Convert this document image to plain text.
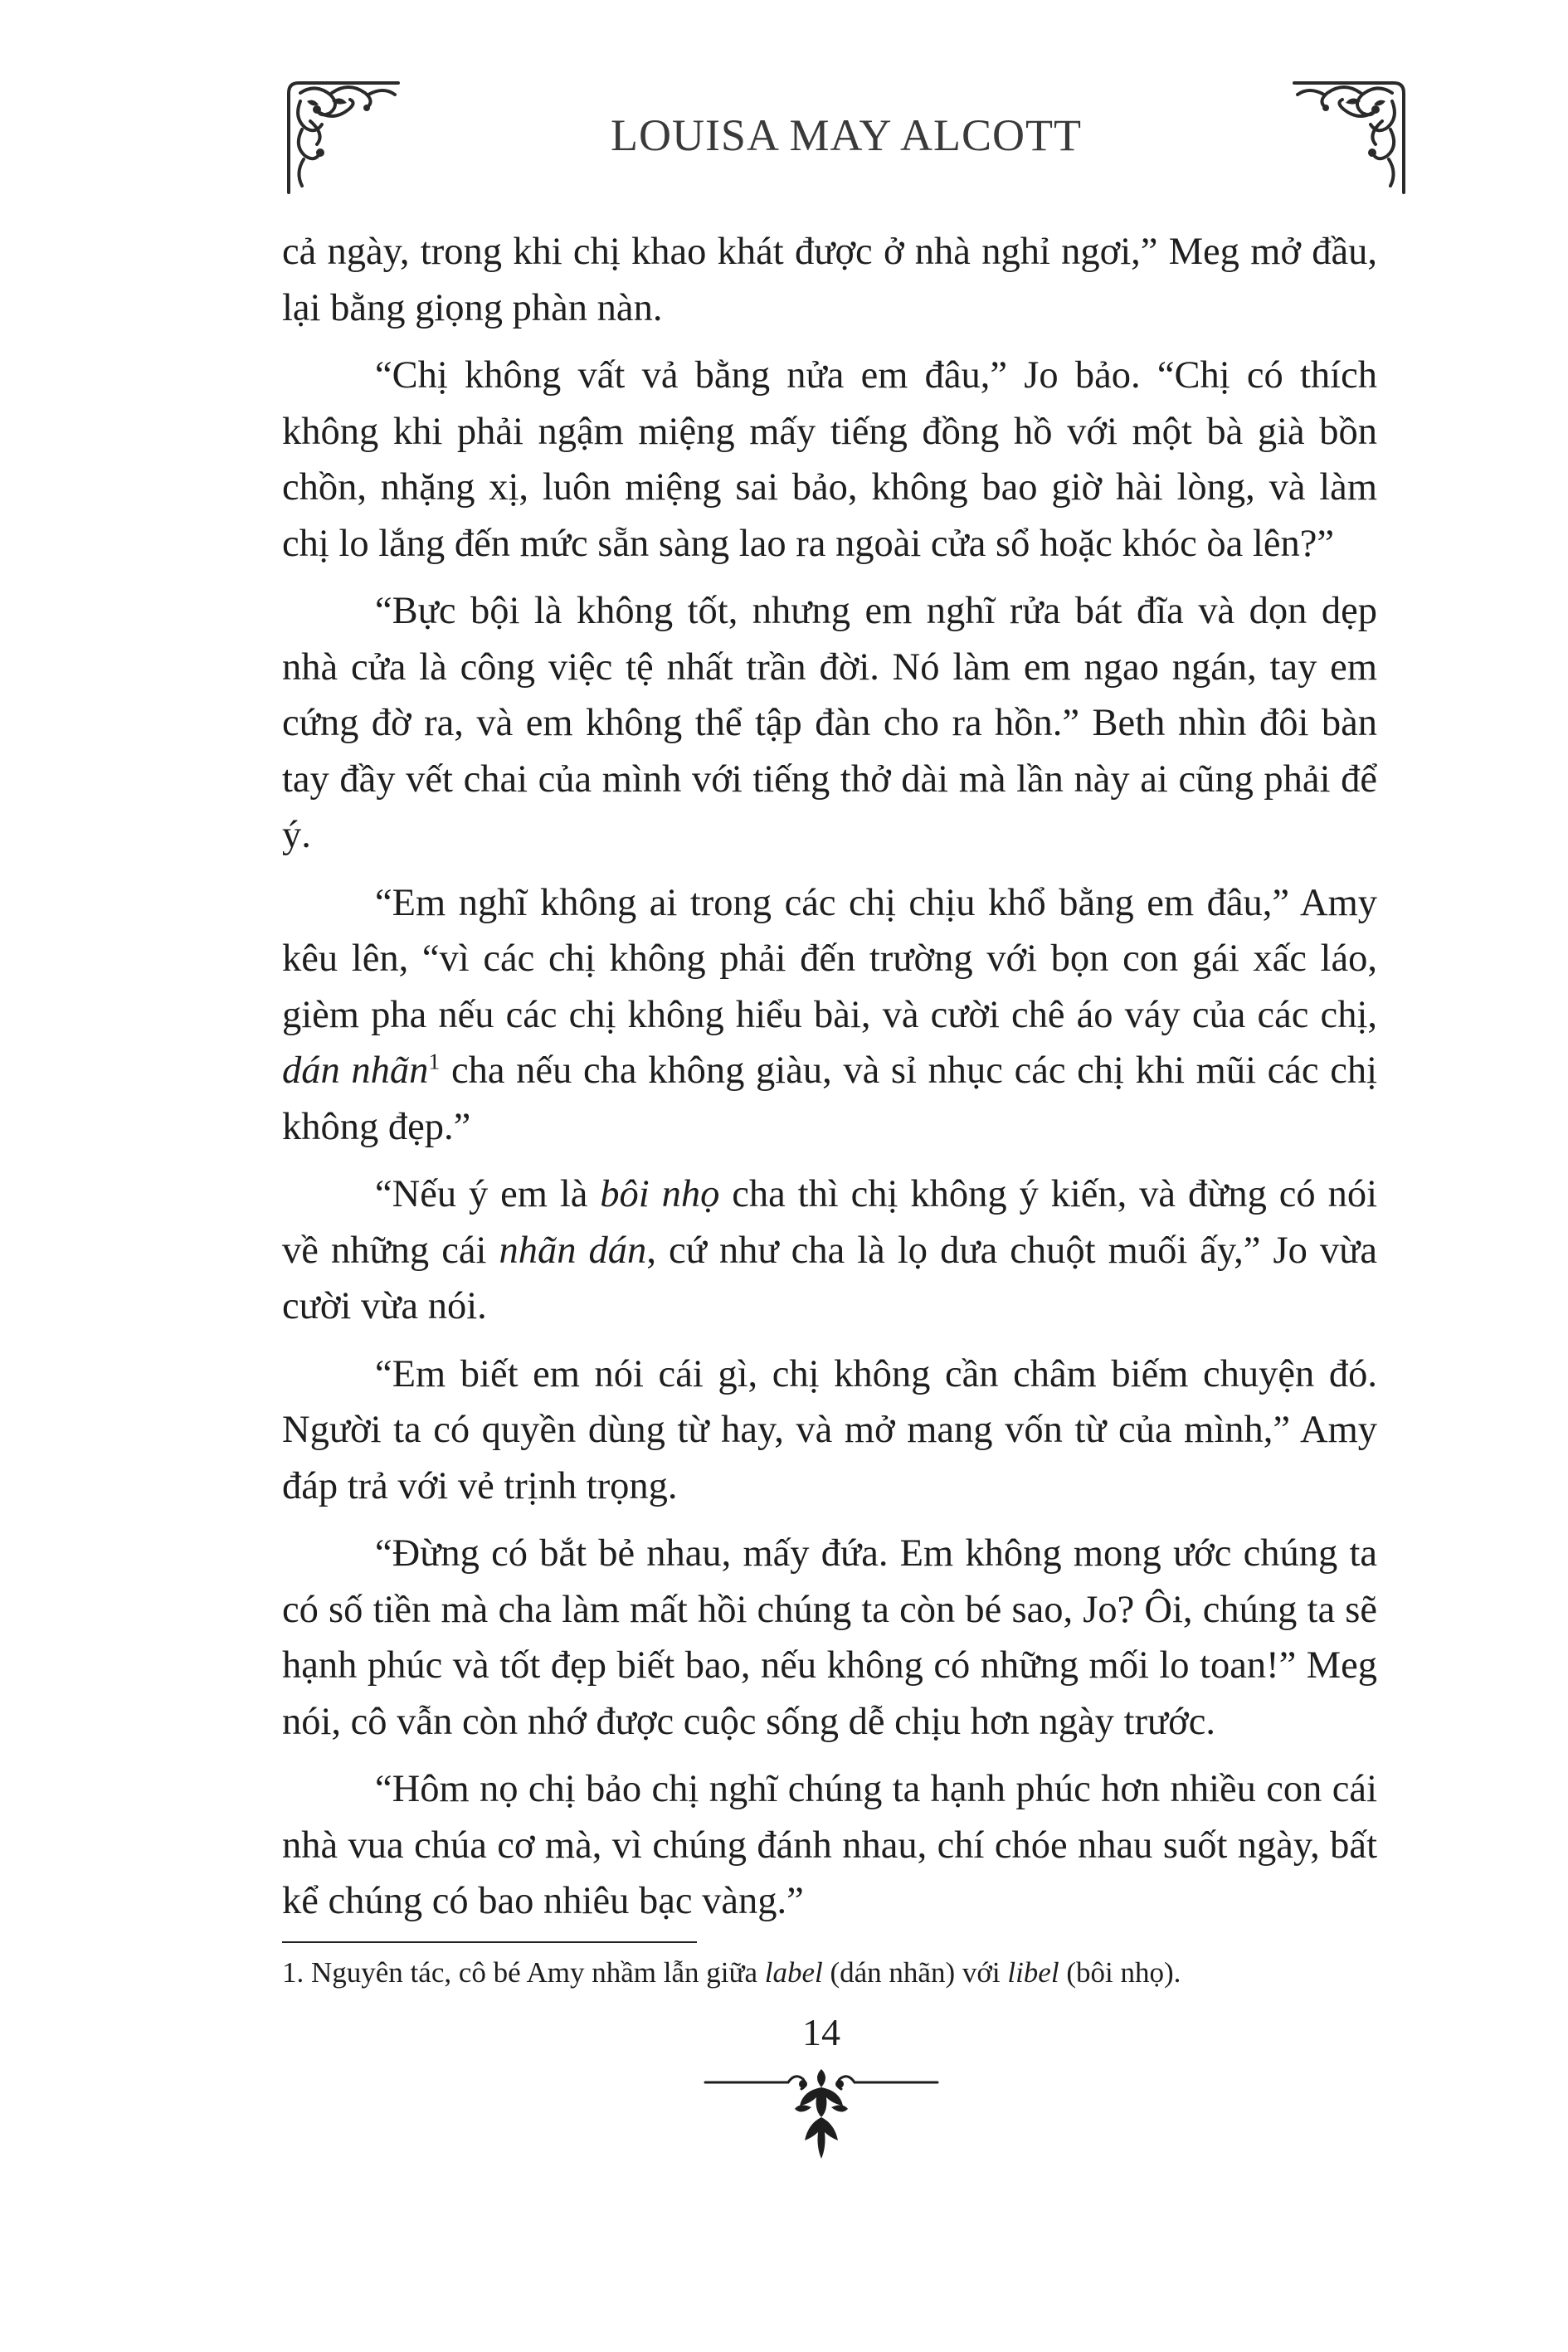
LOUISA MAY ALCOTT

cả ngày, trong khi chị khao khát được ở nhà nghỉ ngơi,” Meg mở đầu, lại bằng giọng phàn nàn.

“Chị không vất vả bằng nửa em đâu,” Jo bảo. “Chị có thích không khi phải ngậm miệng mấy tiếng đồng hồ với một bà già bồn chồn, nhặng xị, luôn miệng sai bảo, không bao giờ hài lòng, và làm chị lo lắng đến mức sẵn sàng lao ra ngoài cửa sổ hoặc khóc òa lên?”

“Bực bội là không tốt, nhưng em nghĩ rửa bát đĩa và dọn dẹp nhà cửa là công việc tệ nhất trần đời. Nó làm em ngao ngán, tay em cứng đờ ra, và em không thể tập đàn cho ra hồn.” Beth nhìn đôi bàn tay đầy vết chai của mình với tiếng thở dài mà lần này ai cũng phải để ý.

“Em nghĩ không ai trong các chị chịu khổ bằng em đâu,” Amy kêu lên, “vì các chị không phải đến trường với bọn con gái xấc láo, gièm pha nếu các chị không hiểu bài, và cười chê áo váy của các chị, dán nhãn$^1$ cha nếu cha không giàu, và sỉ nhục các chị khi mũi các chị không đẹp.”

“Nếu ý em là bôi nhọ cha thì chị không ý kiến, và đừng có nói về những cái nhãn dán, cứ như cha là lọ dưa chuột muối ấy,” Jo vừa cười vừa nói.

“Em biết em nói cái gì, chị không cần châm biếm chuyện đó. Người ta có quyền dùng từ hay, và mở mang vốn từ của mình,” Amy đáp trả với vẻ trịnh trọng.

“Đừng có bắt bẻ nhau, mấy đứa. Em không mong ước chúng ta có số tiền mà cha làm mất hồi chúng ta còn bé sao, Jo? Ôi, chúng ta sẽ hạnh phúc và tốt đẹp biết bao, nếu không có những mối lo toan!” Meg nói, cô vẫn còn nhớ được cuộc sống dễ chịu hơn ngày trước.

“Hôm nọ chị bảo chị nghĩ chúng ta hạnh phúc hơn nhiều con cái nhà vua chúa cơ mà, vì chúng đánh nhau, chí chóe nhau suốt ngày, bất kể chúng có bao nhiêu bạc vàng.”

1. Nguyên tác, cô bé Amy nhầm lẫn giữa label (dán nhãn) với libel (bôi nhọ).

14
